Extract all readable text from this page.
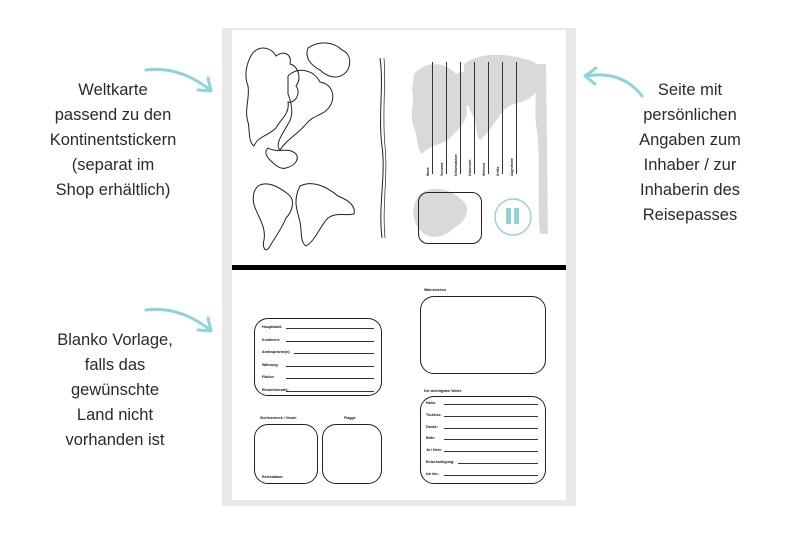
Weltkarte
passend zu den
Kontinentstickern
(separat im
Shop erhältlich)
Blanko Vorlage,
falls das
gewünschte
Land nicht
vorhanden ist
Seite mit
persönlichen
Angaben zum
Inhaber / zur
Inhaberin des
Reisepasses
Name	Vorname	Geburtsdatum	Geburtsort	Wohnort	Größe	Augenfarbe
Hauptstadt:
Kontinent:
Amtssprache(n):
Währung:
Fläche:
Einwohnerzahl:
Sichtvermerk / Visum	Flagge
Reisedatum:
Wahrzeichen
Die wichtigsten Worte
Hallo:
Tschüss:
Danke:
Bitte:
Ja / Nein:
Entschuldigung:
Ich bin:
